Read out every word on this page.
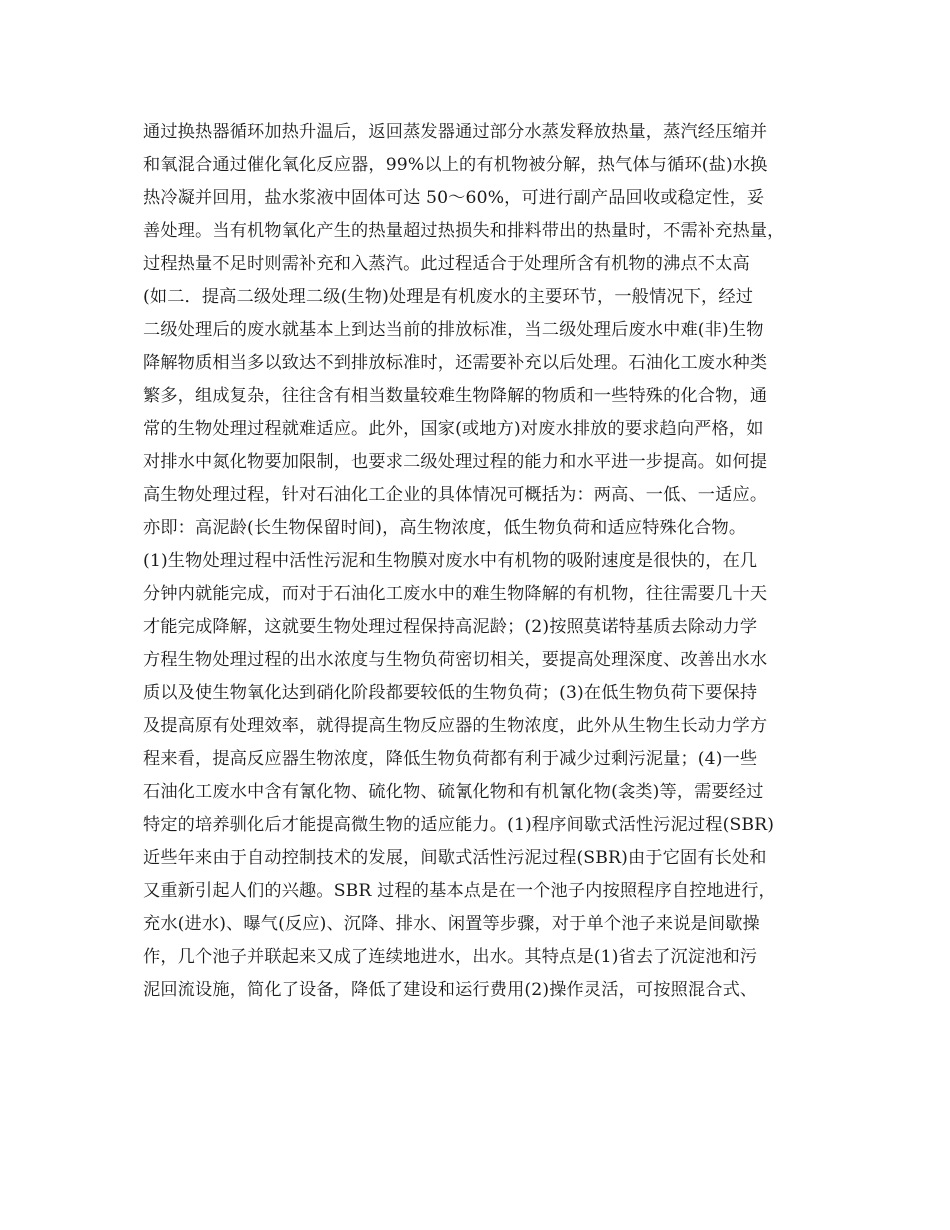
通过换热器循环加热升温后，返回蒸发器通过部分水蒸发释放热量，蒸汽经压缩并
和氧混合通过催化氧化反应器，99%以上的有机物被分解，热气体与循环(盐)水换
热冷凝并回用，盐水浆液中固体可达 50～60%，可进行副产品回收或稳定性，妥
善处理。当有机物氧化产生的热量超过热损失和排料带出的热量时，不需补充热量，
过程热量不足时则需补充和入蒸汽。此过程适合于处理所含有机物的沸点不太高
(如二．提高二级处理二级(生物)处理是有机废水的主要环节，一般情况下，经过
二级处理后的废水就基本上到达当前的排放标准，当二级处理后废水中难(非)生物
降解物质相当多以致达不到排放标准时，还需要补充以后处理。石油化工废水种类
繁多，组成复杂，往往含有相当数量较难生物降解的物质和一些特殊的化合物，通
常的生物处理过程就难适应。此外，国家(或地方)对废水排放的要求趋向严格，如
对排水中氮化物要加限制，也要求二级处理过程的能力和水平进一步提高。如何提
高生物处理过程，针对石油化工企业的具体情况可概括为：两高、一低、一适应。
亦即：高泥龄(长生物保留时间)，高生物浓度，低生物负荷和适应特殊化合物。
(1)生物处理过程中活性污泥和生物膜对废水中有机物的吸附速度是很快的，在几
分钟内就能完成，而对于石油化工废水中的难生物降解的有机物，往往需要几十天
才能完成降解，这就要生物处理过程保持高泥龄；(2)按照莫诺特基质去除动力学
方程生物处理过程的出水浓度与生物负荷密切相关，要提高处理深度、改善出水水
质以及使生物氧化达到硝化阶段都要较低的生物负荷；(3)在低生物负荷下要保持
及提高原有处理效率，就得提高生物反应器的生物浓度，此外从生物生长动力学方
程来看，提高反应器生物浓度，降低生物负荷都有利于减少过剩污泥量；(4)一些
石油化工废水中含有氰化物、硫化物、硫氰化物和有机氰化物(衾类)等，需要经过
特定的培养驯化后才能提高微生物的适应能力。(1)程序间歇式活性污泥过程(SBR)
近些年来由于自动控制技术的发展，间歇式活性污泥过程(SBR)由于它固有长处和
又重新引起人们的兴趣。SBR 过程的基本点是在一个池子内按照程序自控地进行，
充水(进水)、曝气(反应)、沉降、排水、闲置等步骤，对于单个池子来说是间歇操
作，几个池子并联起来又成了连续地进水，出水。其特点是(1)省去了沉淀池和污
泥回流设施，简化了设备，降低了建设和运行费用(2)操作灵活，可按照混合式、
